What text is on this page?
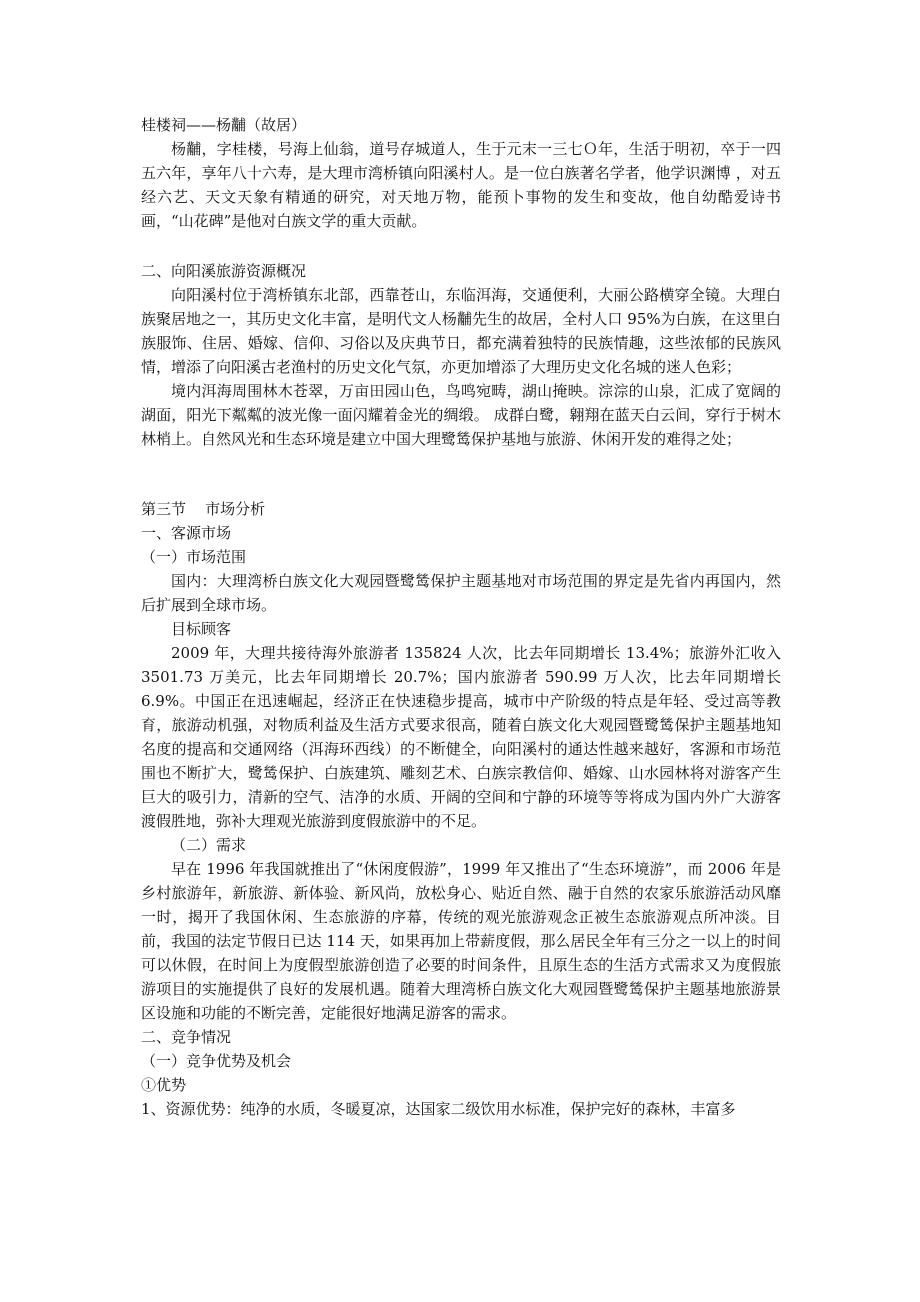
桂楼祠——杨黼（故居）

杨黼，字桂楼，号海上仙翁，道号存城道人，生于元末一三七Ｏ年，生活于明初，卒于一四五六年，享年八十六寿，是大理市湾桥镇向阳溪村人。是一位白族著名学者，他学识渊博 ，对五经六艺、天文天象有精通的研究，对天地万物，能预卜事物的发生和变故，他自幼酷爱诗书画，“山花碑”是他对白族文学的重大贡献。

二、向阳溪旅游资源概况

向阳溪村位于湾桥镇东北部，西靠苍山，东临洱海，交通便利，大丽公路横穿全镜。大理白族聚居地之一，其历史文化丰富，是明代文人杨黼先生的故居，全村人口 95%为白族，在这里白族服饰、住居、婚嫁、信仰、习俗以及庆典节日，都充满着独特的民族情趣，这些浓郁的民族风情，增添了向阳溪古老渔村的历史文化气氛，亦更加增添了大理历史文化名城的迷人色彩；

境内洱海周围林木苍翠，万亩田园山色，鸟鸣宛畴，湖山掩映。淙淙的山泉，汇成了宽阔的湖面，阳光下粼粼的波光像一面闪耀着金光的绸缎。 成群白鹭，翱翔在蓝天白云间，穿行于树木林梢上。自然风光和生态环境是建立中国大理鹭鸶保护基地与旅游、休闲开发的难得之处；

第三节    市场分析

一、客源市场

（一）市场范围

国内：大理湾桥白族文化大观园暨鹭鸶保护主题基地对市场范围的界定是先省内再国内，然后扩展到全球市场。

目标顾客

2009 年，大理共接待海外旅游者 135824 人次，比去年同期增长 13.4%；旅游外汇收入3501.73 万美元，比去年同期增长 20.7%；国内旅游者 590.99 万人次，比去年同期增长6.9%。中国正在迅速崛起，经济正在快速稳步提高，城市中产阶级的特点是年轻、受过高等教育，旅游动机强，对物质利益及生活方式要求很高，随着白族文化大观园暨鹭鸶保护主题基地知名度的提高和交通网络（洱海环西线）的不断健全，向阳溪村的通达性越来越好，客源和市场范围也不断扩大，鹭鸶保护、白族建筑、雕刻艺术、白族宗教信仰、婚嫁、山水园林将对游客产生巨大的吸引力，清新的空气、洁净的水质、开阔的空间和宁静的环境等等将成为国内外广大游客渡假胜地，弥补大理观光旅游到度假旅游中的不足。

（二）需求

早在 1996 年我国就推出了“休闲度假游”，1999 年又推出了“生态环境游”，而 2006 年是乡村旅游年，新旅游、新体验、新风尚，放松身心、贴近自然、融于自然的农家乐旅游活动风靡一时，揭开了我国休闲、生态旅游的序幕，传统的观光旅游观念正被生态旅游观点所冲淡。目前，我国的法定节假日已达 114 天，如果再加上带薪度假，那么居民全年有三分之一以上的时间可以休假，在时间上为度假型旅游创造了必要的时间条件，且原生态的生活方式需求又为度假旅游项目的实施提供了良好的发展机遇。随着大理湾桥白族文化大观园暨鹭鸶保护主题基地旅游景区设施和功能的不断完善，定能很好地满足游客的需求。

二、竞争情况

（一）竞争优势及机会

①优势

1、资源优势：纯净的水质，冬暖夏凉，达国家二级饮用水标准，保护完好的森林，丰富多
